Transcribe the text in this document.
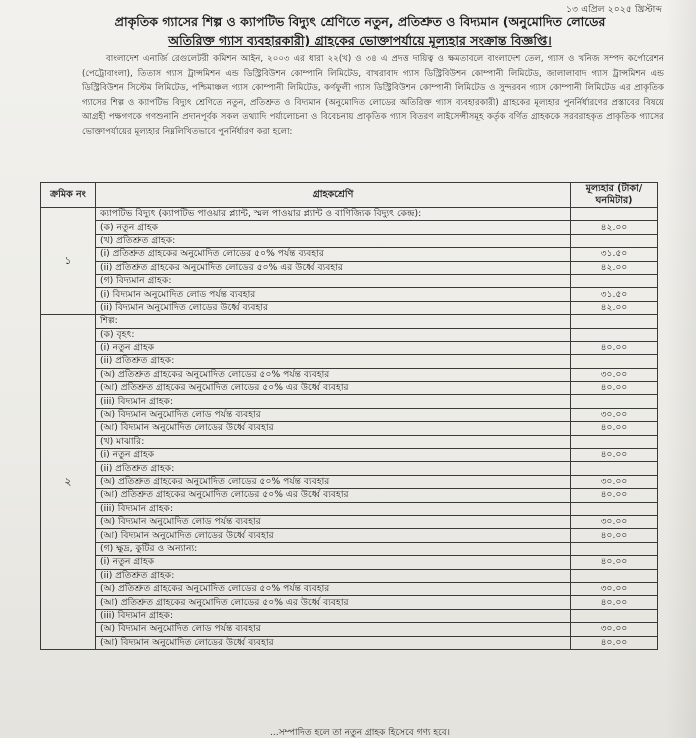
১৩ এপ্রিল ২০২৫ খ্রিস্টাব্দ
প্রাকৃতিক গ্যাসের শিল্প ও ক্যাপটিভ বিদ্যুৎ শ্রেণিতে নতুন, প্রতিশ্রুত ও বিদ্যমান (অনুমোদিত লোডের
অতিরিক্ত গ্যাস ব্যবহারকারী) গ্রাহকের ভোক্তাপর্যায়ে মূল্যহার সংক্রান্ত বিজ্ঞপ্তি।
বাংলাদেশ এনার্জি রেগুলেটরী কমিশন আইন, ২০০৩ এর ধারা ২২(খ) ও ৩৪ এ প্রদত্ত দায়িত্ব ও ক্ষমতাবলে বাংলাদেশ তেল, গ্যাস ও খনিজ সম্পদ কর্পোরেশন (পেট্রোবাংলা), তিতাস গ্যাস ট্রান্সমিশন এন্ড ডিস্ট্রিবিউশন কোম্পানি লিমিটেড, বাখরাবাদ গ্যাস ডিস্ট্রিবিউশন কোম্পানী লিমিটেড, জালালাবাদ গ্যাস ট্রান্সমিশন এন্ড ডিস্ট্রিবিউশন সিস্টেম লিমিটেড, পশ্চিমাঞ্চল গ্যাস কোম্পানী লিমিটেড, কর্ণফুলী গ্যাস ডিস্ট্রিবিউশন কোম্পানী লিমিটেড ও সুন্দরবন গ্যাস কোম্পানী লিমিটেড এর প্রাকৃতিক গ্যাসের শিল্প ও ক্যাপটিভ বিদ্যুৎ শ্রেণিতে নতুন, প্রতিশ্রুত ও বিদ্যমান (অনুমোদিত লোডের অতিরিক্ত গ্যাস ব্যবহারকারী) গ্রাহকের মূল্যহার পুনর্নির্ধারণের প্রস্তাবের বিষয়ে আগ্রহী পক্ষগণকে গণশুনানি প্রদানপূর্বক সকল তথ্যাদি পর্যালোচনা ও বিবেচনায় প্রাকৃতিক গ্যাস বিতরণ লাইসেন্সীসমূহ কর্তৃক বর্ণিত গ্রাহককে সরবরাহকৃত প্রাকৃতিক গ্যাসের ভোক্তাপর্যায়ের মূল্যহার নিম্নলিখিতভাবে পুনর্নির্ধারণ করা হলো:
ক্রমিক নং	গ্রাহকশ্রেণি	মূল্যহার (টাকা/ঘনমিটার)
১	ক্যাপটিভ বিদ্যুৎ (ক্যাপটিভ পাওয়ার প্ল্যান্ট, স্মল পাওয়ার প্ল্যান্ট ও বাণিজ্যিক বিদ্যুৎ কেন্দ্র):	
	(ক) নতুন গ্রাহক	৪২.০০
	(খ) প্রতিশ্রুত গ্রাহক:	
	(i) প্রতিশ্রুত গ্রাহকের অনুমোদিত লোডের ৫০% পর্যন্ত ব্যবহার	৩১.৫০
	(ii) প্রতিশ্রুত গ্রাহকের অনুমোদিত লোডের ৫০% এর উর্ধ্বে ব্যবহার	৪২.০০
	(গ) বিদ্যমান গ্রাহক:	
	(i) বিদ্যমান অনুমোদিত লোড পর্যন্ত ব্যবহার	৩১.৫০
	(ii) বিদ্যমান অনুমোদিত লোডের উর্ধ্বে ব্যবহার	৪২.০০
২	শিল্প:	
	(ক) বৃহৎ:	
	(i) নতুন গ্রাহক	৪০.০০
	(ii) প্রতিশ্রুত গ্রাহক:	
	(অ) প্রতিশ্রুত গ্রাহকের অনুমোদিত লোডের ৫০% পর্যন্ত ব্যবহার	৩০.০০
	(আ) প্রতিশ্রুত গ্রাহকের অনুমোদিত লোডের ৫০% এর উর্ধ্বে ব্যবহার	৪০.০০
	(iii) বিদ্যমান গ্রাহক:	
	(অ) বিদ্যমান অনুমোদিত লোড পর্যন্ত ব্যবহার	৩০.০০
	(আ) বিদ্যমান অনুমোদিত লোডের উর্ধ্বে ব্যবহার	৪০.০০
	(খ) মাঝারি:	
	(i) নতুন গ্রাহক	৪০.০০
	(ii) প্রতিশ্রুত গ্রাহক:	
	(অ) প্রতিশ্রুত গ্রাহকের অনুমোদিত লোডের ৫০% পর্যন্ত ব্যবহার	৩০.০০
	(আ) প্রতিশ্রুত গ্রাহকের অনুমোদিত লোডের ৫০% এর উর্ধ্বে ব্যবহার	৪০.০০
	(iii) বিদ্যমান গ্রাহক:	
	(অ) বিদ্যমান অনুমোদিত লোড পর্যন্ত ব্যবহার	৩০.০০
	(আ) বিদ্যমান অনুমোদিত লোডের উর্ধ্বে ব্যবহার	৪০.০০
	(গ) ক্ষুদ্র, কুটির ও অন্যান্য:	
	(i) নতুন গ্রাহক	৪০.০০
	(ii) প্রতিশ্রুত গ্রাহক:	
	(অ) প্রতিশ্রুত গ্রাহকের অনুমোদিত লোডের ৫০% পর্যন্ত ব্যবহার	৩০.০০
	(আ) প্রতিশ্রুত গ্রাহকের অনুমোদিত লোডের ৫০% এর উর্ধ্বে ব্যবহার	৪০.০০
	(iii) বিদ্যমান গ্রাহক:	
	(অ) বিদ্যমান অনুমোদিত লোড পর্যন্ত ব্যবহার	৩০.০০
	(আ) বিদ্যমান অনুমোদিত লোডের উর্ধ্বে ব্যবহার	৪০.০০
...সম্পাদিত হলে তা নতুন গ্রাহক হিসেবে গণ্য হবে।
